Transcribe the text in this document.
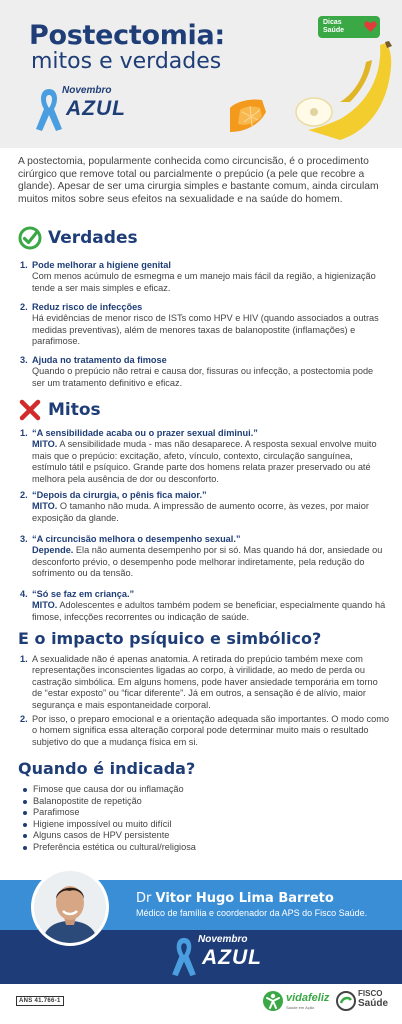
Postectomia:
mitos e verdades
Novembro
AZUL
Dicas
Saúde
A postectomia, popularmente conhecida como circuncisão, é o procedimento cirúrgico que remove total ou parcialmente o prepúcio (a pele que recobre a glande). Apesar de ser uma cirurgia simples e bastante comum, ainda circulam muitos mitos sobre seus efeitos na sexualidade e na saúde do homem.
Verdades
1. Pode melhorar a higiene genital
Com menos acúmulo de esmegma e um manejo mais fácil da região, a higienização tende a ser mais simples e eficaz.
2. Reduz risco de infecções
Há evidências de menor risco de ISTs como HPV e HIV (quando associados a outras medidas preventivas), além de menores taxas de balanopostite (inflamações) e parafimose.
3. Ajuda no tratamento da fimose
Quando o prepúcio não retrai e causa dor, fissuras ou infecção, a postectomia pode ser um tratamento definitivo e eficaz.
Mitos
1. “A sensibilidade acaba ou o prazer sexual diminui.”
MITO. A sensibilidade muda - mas não desaparece. A resposta sexual envolve muito mais que o prepúcio: excitação, afeto, vínculo, contexto, circulação sanguínea, estímulo tátil e psíquico. Grande parte dos homens relata prazer preservado ou até melhora pela ausência de dor ou desconforto.
2. “Depois da cirurgia, o pênis fica maior.”
MITO. O tamanho não muda. A impressão de aumento ocorre, às vezes, por maior exposição da glande.
3. “A circuncisão melhora o desempenho sexual.”
Depende. Ela não aumenta desempenho por si só. Mas quando há dor, ansiedade ou desconforto prévio, o desempenho pode melhorar indiretamente, pela redução do sofrimento ou da tensão.
4. “Só se faz em criança.”
MITO. Adolescentes e adultos também podem se beneficiar, especialmente quando há fimose, infecções recorrentes ou indicação de saúde.
E o impacto psíquico e simbólico?
1. A sexualidade não é apenas anatomia. A retirada do prepúcio também mexe com representações inconscientes ligadas ao corpo, à virilidade, ao medo de perda ou castração simbólica. Em alguns homens, pode haver ansiedade temporária em torno de “estar exposto” ou “ficar diferente”. Já em outros, a sensação é de alívio, maior segurança e mais espontaneidade corporal.
2. Por isso, o preparo emocional e a orientação adequada são importantes. O modo como o homem significa essa alteração corporal pode determinar muito mais o resultado subjetivo do que a mudança física em si.
Quando é indicada?
Fimose que causa dor ou inflamação
Balanopostite de repetição
Parafimose
Higiene impossível ou muito difícil
Alguns casos de HPV persistente
Preferência estética ou cultural/religiosa
Dr Vitor Hugo Lima Barreto
Médico de família e coordenador da APS do Fisco Saúde.
Novembro
AZUL
ANS 41.766-1	vidafeliz
Saúde em Ação
FISCO
Saúde
